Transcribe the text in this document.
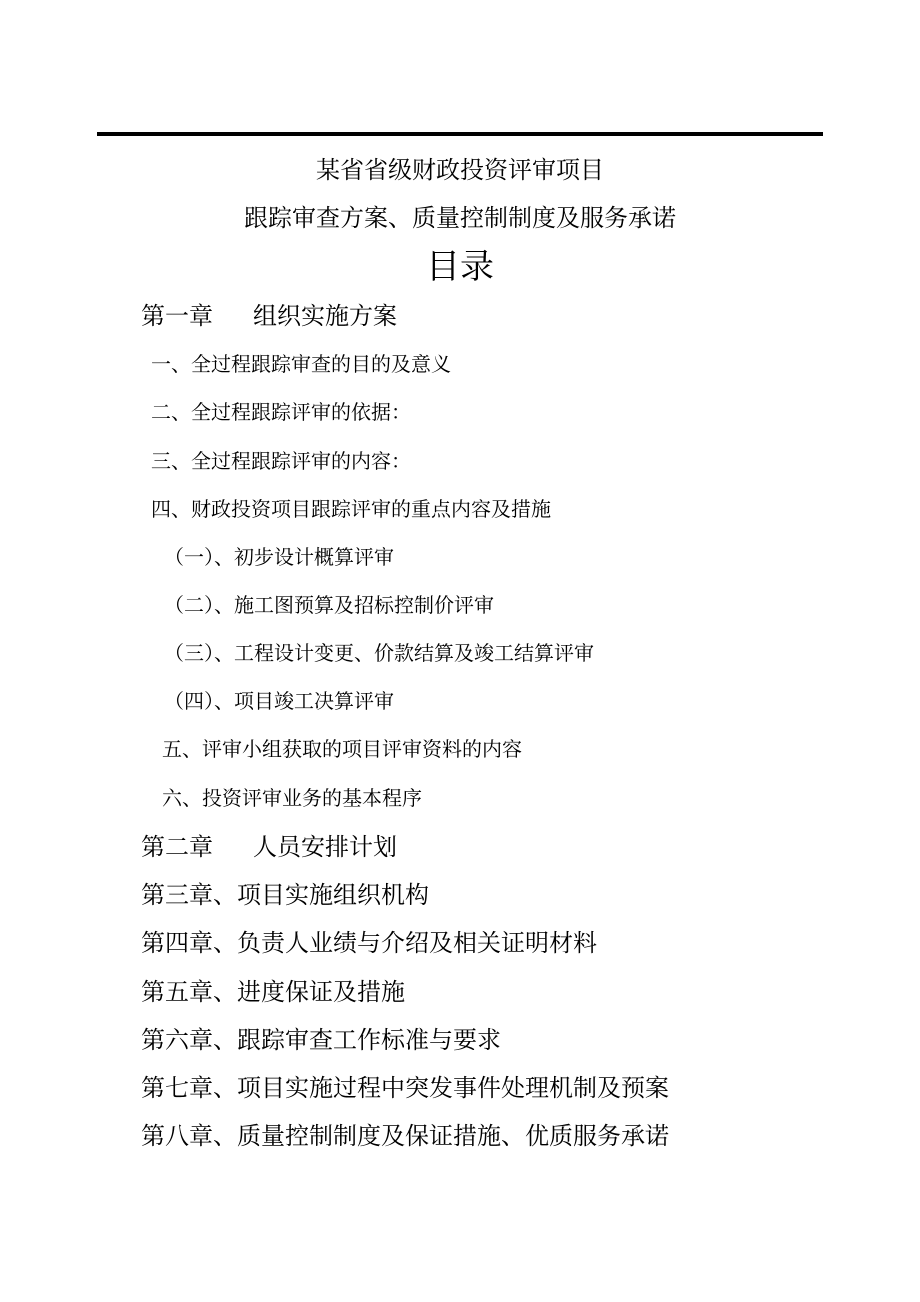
某省省级财政投资评审项目
跟踪审查方案、质量控制制度及服务承诺
目录
第一章 组织实施方案
一、全过程跟踪审查的目的及意义
二、全过程跟踪评审的依据：
三、全过程跟踪评审的内容：
四、财政投资项目跟踪评审的重点内容及措施
（一）、初步设计概算评审
（二）、施工图预算及招标控制价评审
（三）、工程设计变更、价款结算及竣工结算评审
（四）、项目竣工决算评审
五、评审小组获取的项目评审资料的内容
六、投资评审业务的基本程序
第二章 人员安排计划
第三章、项目实施组织机构
第四章、负责人业绩与介绍及相关证明材料
第五章、进度保证及措施
第六章、跟踪审查工作标准与要求
第七章、项目实施过程中突发事件处理机制及预案
第八章、质量控制制度及保证措施、优质服务承诺
